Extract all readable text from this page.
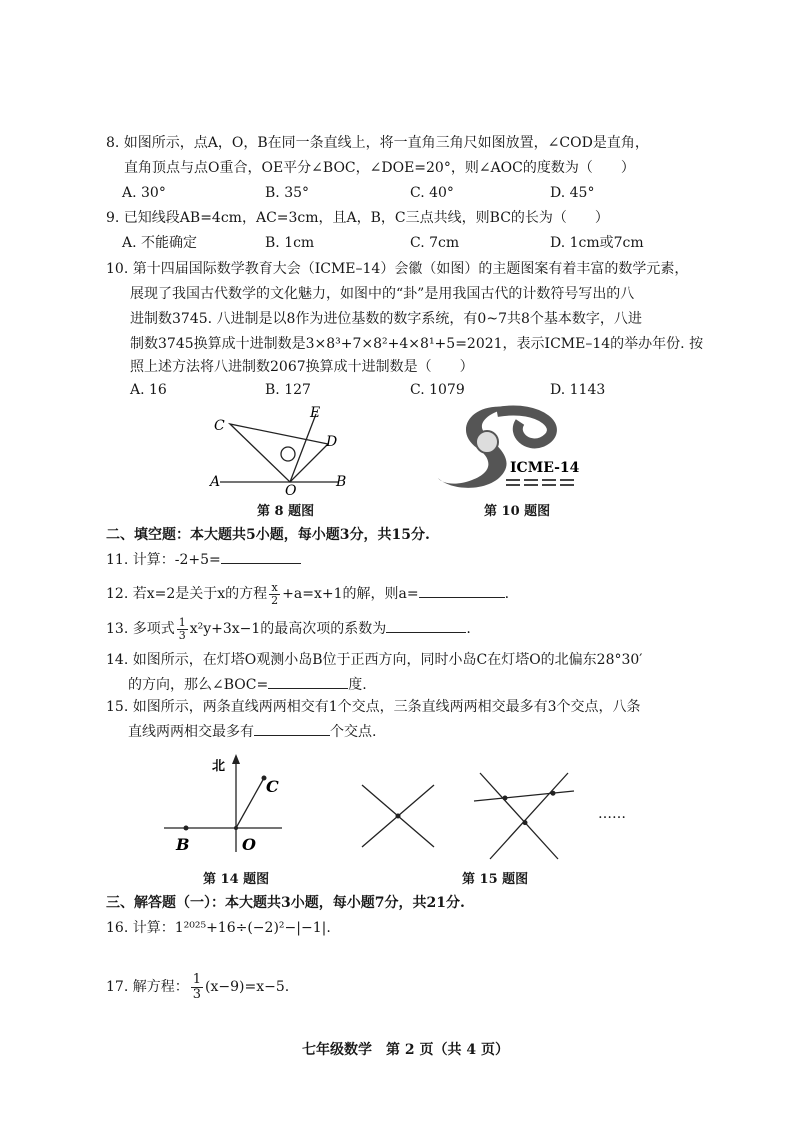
8. 如图所示，点A，O，B在同一条直线上，将一直角三角尺如图放置，∠COD是直角，
直角顶点与点O重合，OE平分∠BOC，∠DOE=20°，则∠AOC的度数为（　　）
A. 30°	B. 35°	C. 40°	D. 45°
9. 已知线段AB=4cm，AC=3cm，且A，B，C三点共线，则BC的长为（　　）
A. 不能确定	B. 1cm	C. 7cm	D. 1cm或7cm
10. 第十四届国际数学教育大会（ICME–14）会徽（如图）的主题图案有着丰富的数学元素，
展现了我国古代数学的文化魅力，如图中的“卦”是用我国古代的计数符号写出的八
进制数3745. 八进制是以8作为进位基数的数字系统，有0~7共8个基本数字，八进
制数3745换算成十进制数是3×8³+7×8²+4×8¹+5=2021，表示ICME–14的举办年份. 按
照上述方法将八进制数2067换算成十进制数是（　　）
A. 16	B. 127	C. 1079	D. 1143
C
E
D
A
O
B
第 8 题图
ICME-14
第 10 题图
二、填空题：本大题共5小题，每小题3分，共15分.
11. 计算：-2+5=
12. 若x=2是关于x的方程 $\frac{x}{2} +a=x+1$的解，则a=	.
13. 多项式 $\frac{1}{3} x^2y+3x-1$的最高次项的系数为	.
14. 如图所示，在灯塔O观测小岛B位于正西方向，同时小岛C在灯塔O的北偏东28°30′
的方向，那么∠BOC=	度.
15. 如图所示，两条直线两两相交有1个交点，三条直线两两相交最多有3个交点，八条
直线两两相交最多有	个交点.
北
C
B	O
第 14 题图
……
第 15 题图
三、解答题（一）：本大题共3小题，每小题7分，共21分.
16. 计算：1²⁰²⁵+16÷(−2)²−|−1|.
17. 解方程： $\frac{1}{3} (x-9)=x-5$.
七年级数学　第 2 页（共 4 页）
